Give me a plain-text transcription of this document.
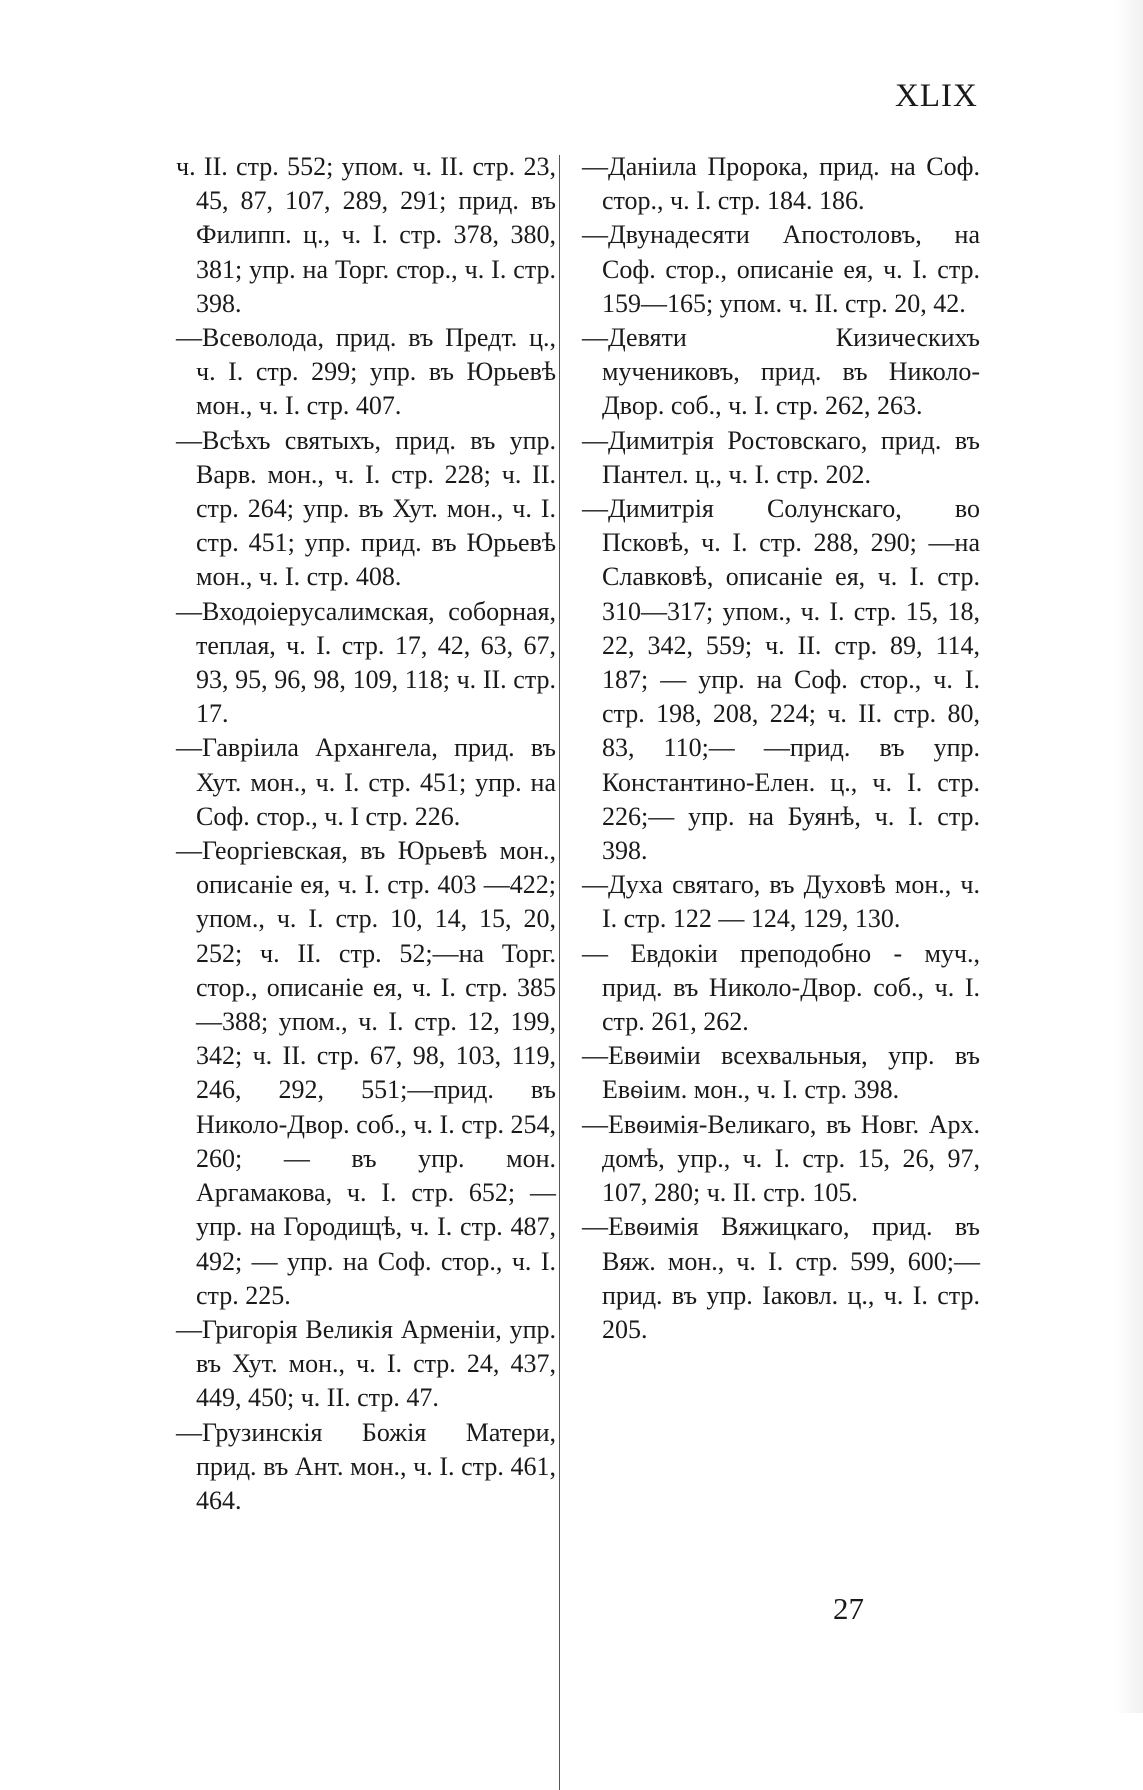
XLIX

ч. II. стр. 552; упом. ч. II. стр. 23, 45, 87, 107, 289, 291; прид. въ Филипп. ц., ч. I. стр. 378, 380, 381; упр. на Торг. стор., ч. I. стр. 398.

—Всеволода, прид. въ Предт. ц., ч. I. стр. 299; упр. въ Юрьевѣ мон., ч. I. стр. 407.

—Всѣхъ святыхъ, прид. въ упр. Варв. мон., ч. I. стр. 228; ч. II. стр. 264; упр. въ Хут. мон., ч. I. стр. 451; упр. прид. въ Юрьевѣ мон., ч. I. стр. 408.

—Входоіерусалимская, соборная, теплая, ч. I. стр. 17, 42, 63, 67, 93, 95, 96, 98, 109, 118; ч. II. стр. 17.

—Гавріила Архангела, прид. въ Хут. мон., ч. I. стр. 451; упр. на Соф. стор., ч. I стр. 226.

—Георгіевская, въ Юрьевѣ мон., описаніе ея, ч. I. стр. 403 —422; упом., ч. I. стр. 10, 14, 15, 20, 252; ч. II. стр. 52;—на Торг. стор., описаніе ея, ч. I. стр. 385—388; упом., ч. I. стр. 12, 199, 342; ч. II. стр. 67, 98, 103, 119, 246, 292, 551;—прид. въ Николо-Двор. соб., ч. I. стр. 254, 260; — въ упр. мон. Аргамакова, ч. I. стр. 652; — упр. на Городищѣ, ч. I. стр. 487, 492; — упр. на Соф. стор., ч. I. стр. 225.

—Григорія Великія Арменіи, упр. въ Хут. мон., ч. I. стр. 24, 437, 449, 450; ч. II. стр. 47.

—Грузинскія Божія Матери, прид. въ Ант. мон., ч. I. стр. 461, 464.

—Даніила Пророка, прид. на Соф. стор., ч. I. стр. 184. 186.

—Двунадесяти Апостоловъ, на Соф. стор., описаніе ея, ч. I. стр. 159—165; упом. ч. II. стр. 20, 42.

—Девяти Кизическихъ мучениковъ, прид. въ Николо-Двор. соб., ч. I. стр. 262, 263.

—Димитрія Ростовскаго, прид. въ Пантел. ц., ч. I. стр. 202.

—Димитрія Солунскаго, во Псковѣ, ч. I. стр. 288, 290; —на Славковѣ, описаніе ея, ч. I. стр. 310—317; упом., ч. I. стр. 15, 18, 22, 342, 559; ч. II. стр. 89, 114, 187; — упр. на Соф. стор., ч. I. стр. 198, 208, 224; ч. II. стр. 80, 83, 110;— —прид. въ упр. Константино-Елен. ц., ч. I. стр. 226;— упр. на Буянѣ, ч. I. стр. 398.

—Духа святаго, въ Духовѣ мон., ч. I. стр. 122 — 124, 129, 130.

— Евдокіи преподобно - муч., прид. въ Николо-Двор. соб., ч. I. стр. 261, 262.

—Евѳиміи всехвальныя, упр. въ Евѳіим. мон., ч. I. стр. 398.

—Евѳимія-Великаго, въ Новг. Арх. домѣ, упр., ч. I. стр. 15, 26, 97, 107, 280; ч. II. стр. 105.

—Евѳимія Вяжицкаго, прид. въ Вяж. мон., ч. I. стр. 599, 600;—прид. въ упр. Іаковл. ц., ч. I. стр. 205.

27
